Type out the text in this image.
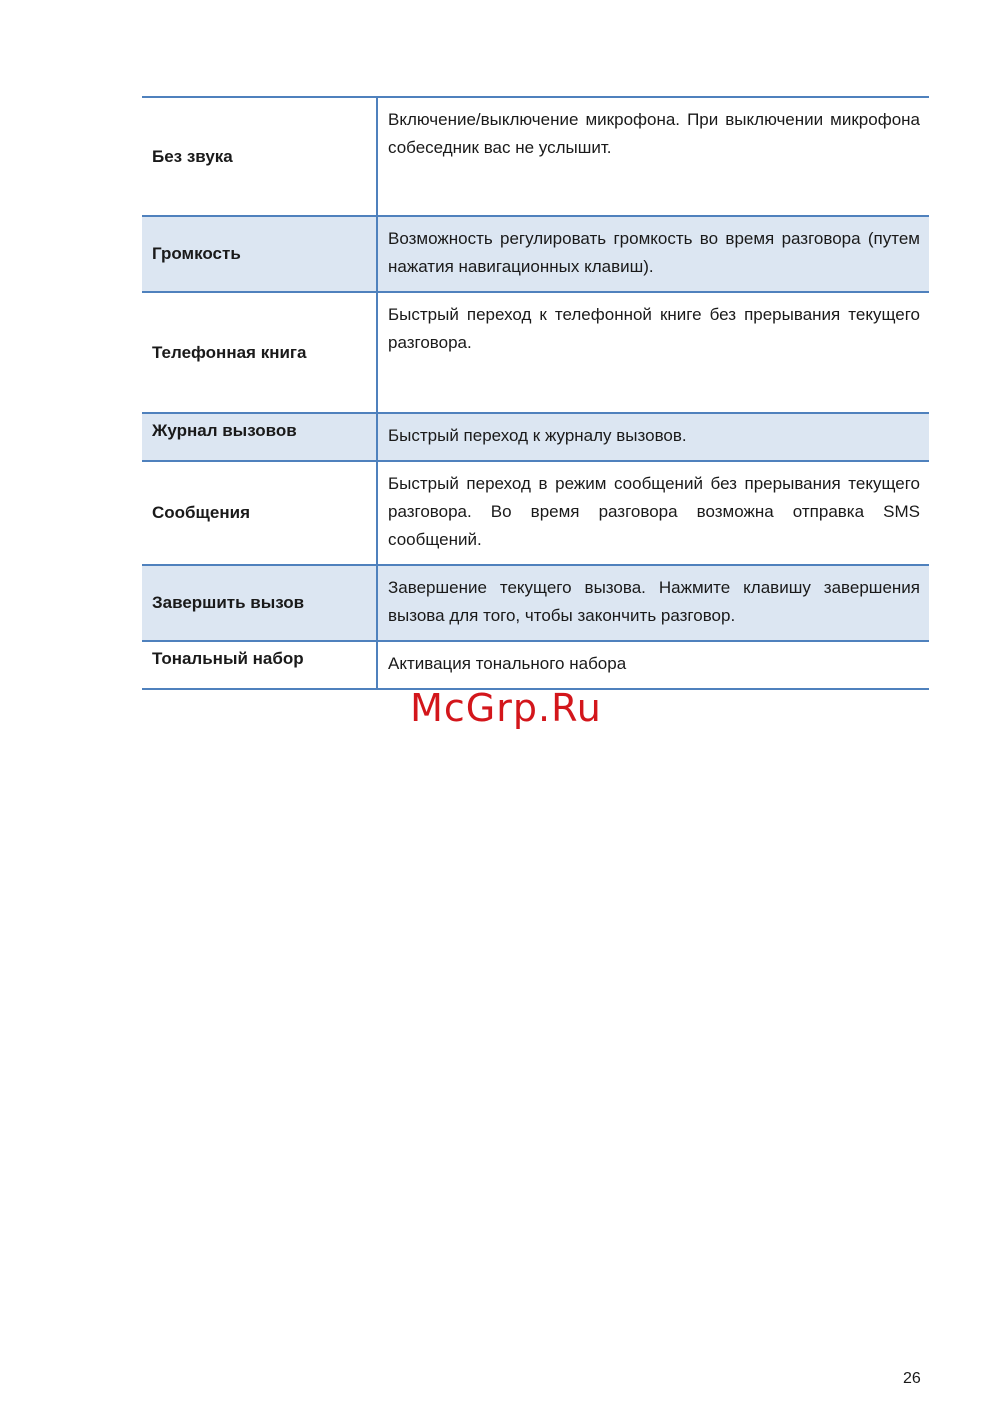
Без звука
Включение/выключение микрофона. При выключении микрофона собеседник вас не услышит.
Громкость
Возможность регулировать громкость во время разговора (путем нажатия навигационных клавиш).
Телефонная книга
Быстрый переход к телефонной книге без прерывания текущего разговора.
Журнал вызовов	Быстрый переход к журналу вызовов.
Сообщения
Быстрый переход в режим сообщений без прерывания текущего разговора. Во время разговора возможна отправка SMS сообщений.
Завершить вызов
Завершение текущего вызова. Нажмите клавишу завершения вызова для того, чтобы закончить разговор.
Тональный набор	Активация тонального набора
McGrp.Ru
26
